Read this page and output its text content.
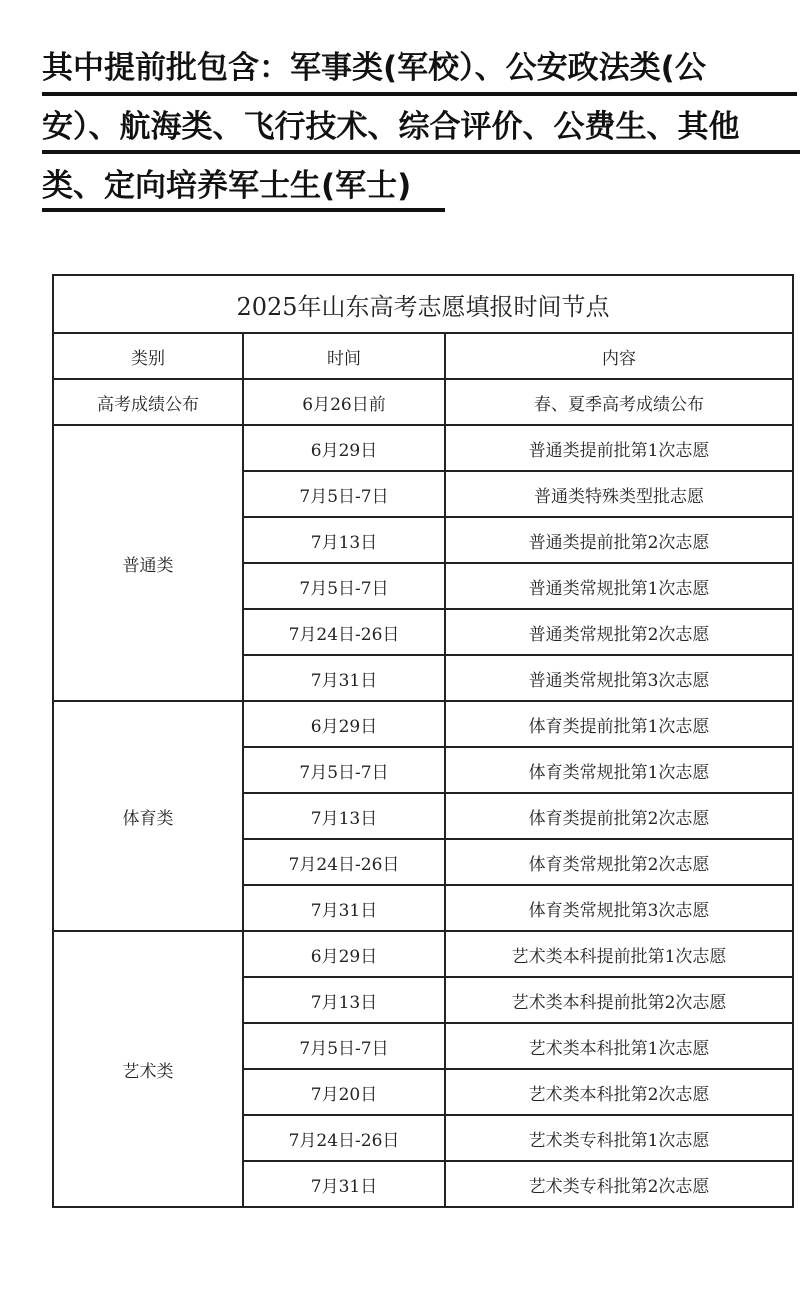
其中提前批包含：军事类(军校）、公安政法类(公
安）、航海类、飞行技术、综合评价、公费生、其他
类、定向培养军士生(军士)
2025年山东高考志愿填报时间节点		
类别	时间	内容
高考成绩公布	6月26日前	春、夏季高考成绩公布
普通类	6月29日	普通类提前批第1次志愿
	7月5日-7日	普通类特殊类型批志愿
	7月13日	普通类提前批第2次志愿
	7月5日-7日	普通类常规批第1次志愿
	7月24日-26日	普通类常规批第2次志愿
	7月31日	普通类常规批第3次志愿
体育类	6月29日	体育类提前批第1次志愿
	7月5日-7日	体育类常规批第1次志愿
	7月13日	体育类提前批第2次志愿
	7月24日-26日	体育类常规批第2次志愿
	7月31日	体育类常规批第3次志愿
艺术类	6月29日	艺术类本科提前批第1次志愿
	7月13日	艺术类本科提前批第2次志愿
	7月5日-7日	艺术类本科批第1次志愿
	7月20日	艺术类本科批第2次志愿
	7月24日-26日	艺术类专科批第1次志愿
	7月31日	艺术类专科批第2次志愿
